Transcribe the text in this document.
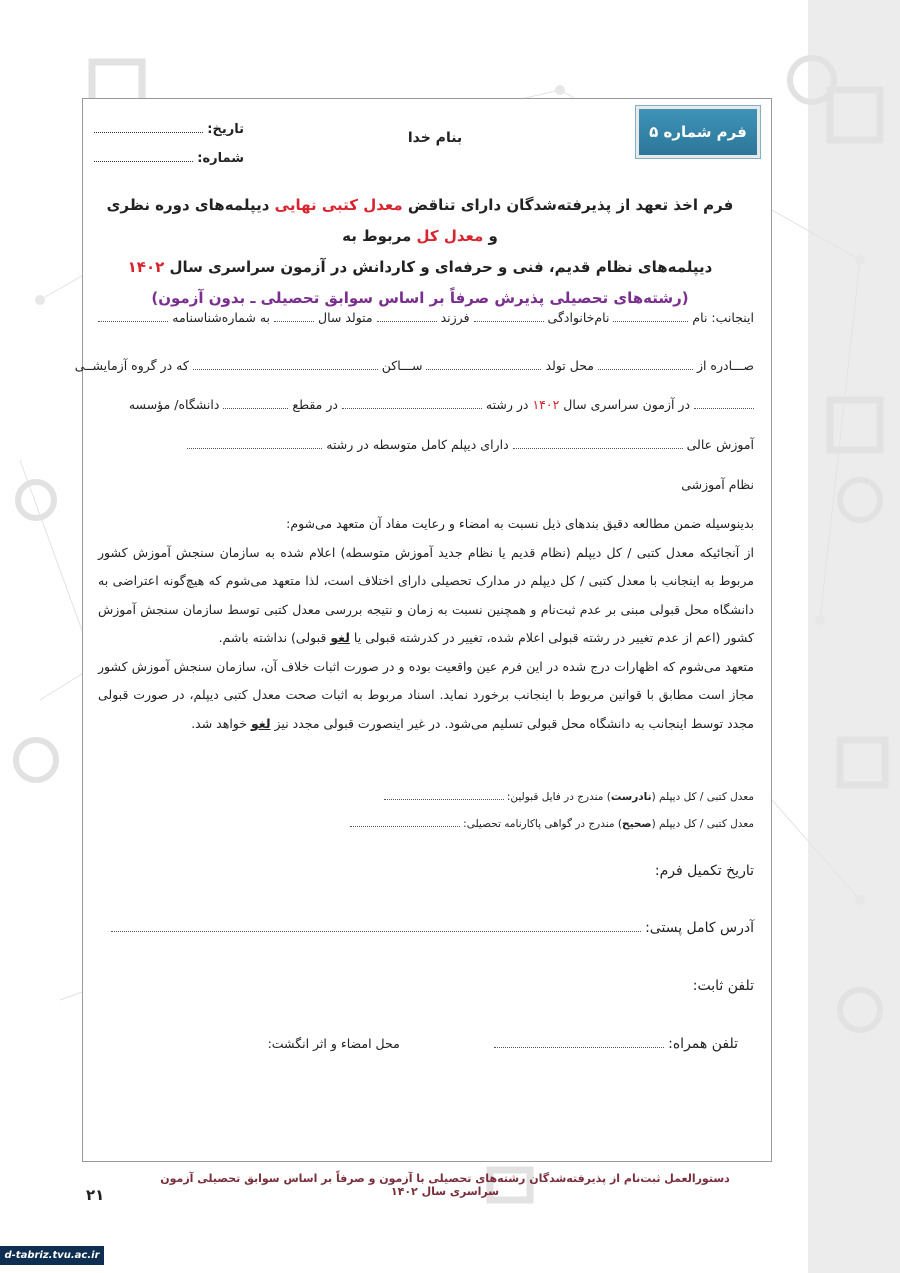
فرم شماره ۵
بنام خدا
تاریخ:
شماره:
فرم اخذ تعهد از پذیرفته‌شدگان دارای تناقض معدل کتبی نهایی دیپلمه‌های دوره نظری و معدل کل مربوط به
دیپلمه‌های نظام قدیم، فنی و حرفه‌ای و کاردانش در آزمون سراسری سال ۱۴۰۲
(رشته‌های تحصیلی پذیرش صرفاً بر اساس سوابق تحصیلی ـ بدون آزمون)
اینجانب: نام  نام‌خانوادگی  فرزند  متولد سال  به شماره‌شناسنامه
صـــادره از  محل تولد  ســـاکن  که در گروه آزمایشــی
در آزمون سراسری سال ۱۴۰۲ در رشته  در مقطع  دانشگاه/ مؤسسه
آموزش عالی  دارای دیپلم کامل متوسطه در رشته
نظام آموزشی

بدینوسیله ضمن مطالعه دقیق بندهای ذیل نسبت به امضاء و رعایت مفاد آن متعهد می‌شوم:

از آنجائیکه معدل کتبی / کل دیپلم (نظام قدیم یا نظام جدید آموزش متوسطه) اعلام شده به سازمان سنجش آموزش کشور مربوط به اینجانب با معدل کتبی / کل دیپلم در مدارک تحصیلی دارای اختلاف است، لذا متعهد می‌شوم که هیچ‌گونه اعتراضی به دانشگاه محل قبولی مبنی بر عدم ثبت‌نام و همچنین نسبت به زمان و نتیجه بررسی معدل کتبی توسط سازمان سنجش آموزش کشور (اعم از عدم تغییر در رشته قبولی اعلام شده، تغییر در کدرشته قبولی یا لغو قبولی) نداشته باشم.

متعهد می‌شوم که اظهارات درج شده در این فرم عین واقعیت بوده و در صورت اثبات خلاف آن، سازمان سنجش آموزش کشور مجاز است مطابق با قوانین مربوط با اینجانب برخورد نماید. اسناد مربوط به اثبات صحت معدل کتبی دیپلم، در صورت قبولی مجدد توسط اینجانب به دانشگاه محل قبولی تسلیم می‌شود. در غیر اینصورت قبولی مجدد نیز لغو خواهد شد.

معدل کتبی / کل دیپلم (نادرست) مندرج در فایل قبولین:
معدل کتبی / کل دیپلم (صحیح) مندرج در گواهی پاکارنامه تحصیلی:
تاریخ تکمیل فرم:
آدرس کامل پستی:
تلفن ثابت:
تلفن همراه:   محل امضاء و اثر انگشت:
دستورالعمل ثبت‌نام از پذیرفته‌شدگان رشته‌های تحصیلی با آزمون و صرفاً بر اساس سوابق تحصیلی آزمون سراسری سال ۱۴۰۲
۲۱
d-tabriz.tvu.ac.ir
